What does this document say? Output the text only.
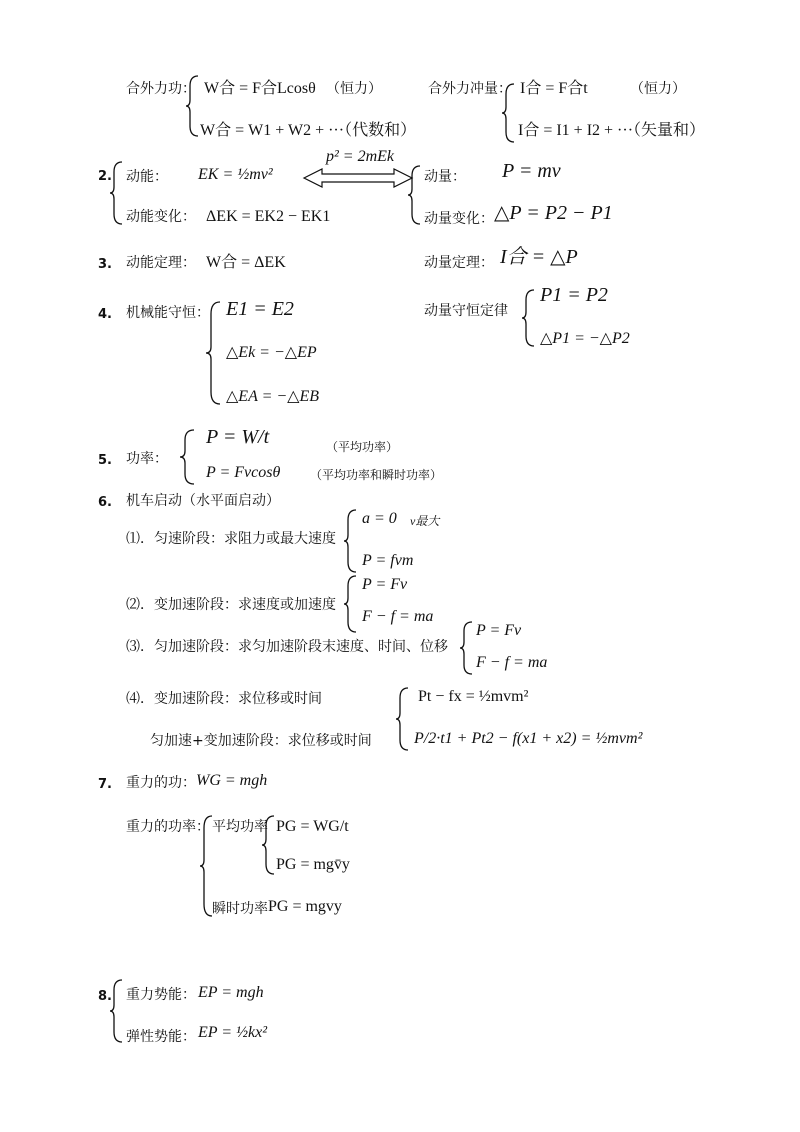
合外力功： W合 = F合Lcosθ （恒力）
W合 = W1 + W2 + ···（代数和）
合外力冲量： I合 = F合t	（恒力）
I合 = I1 + I2 + ···（矢量和）
2. 动能： EK = ½mv²
p² = 2mEk
动能变化： ΔEK = EK2 − EK1
动量： P = mv
动量变化： △P = P2 − P1
3. 动能定理： W合 = ΔEK	动量定理： I合 = △P
4. 机械能守恒： E1 = E2
△Ek = −△EP
△EA = −△EB
动量守恒定律
P1 = P2
△P1 = −△P2
5. 功率：
P = W/t	（平均功率）
P = Fvcosθ （平均功率和瞬时功率）
6. 机车启动（水平面启动）
⑴．匀速阶段：求阻力或最大速度
a = 0 v最大
P = fvm
⑵．变加速阶段：求速度或加速度
P = Fv
F − f = ma
⑶．匀加速阶段：求匀加速阶段末速度、时间、位移
P = Fv
F − f = ma
⑷．变加速阶段：求位移或时间	Pt − fx = ½mvm²
匀加速+变加速阶段：求位移或时间	P/2·t1 + Pt2 − f(x1 + x2) = ½mvm²
7. 重力的功： WG = mgh
重力的功率： 平均功率 PG = WG/t
PG = mgv̄y
瞬时功率 PG = mgvy
8. 重力势能： EP = mgh
弹性势能： EP = ½kx²
